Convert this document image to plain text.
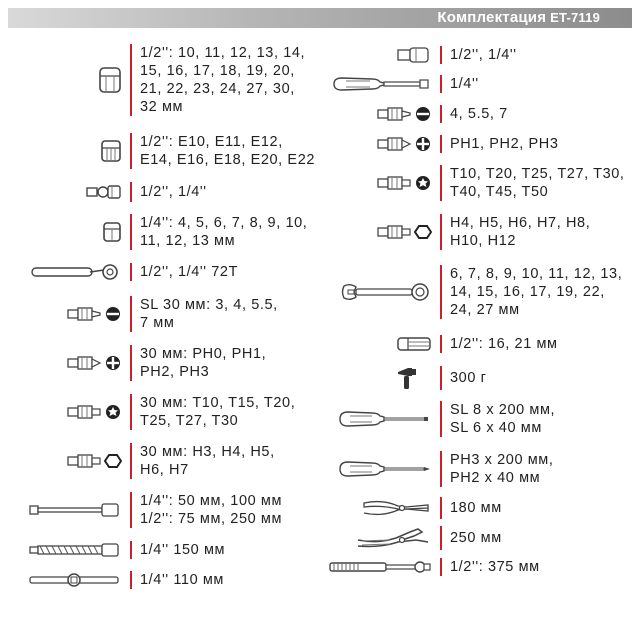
Комплектация ET-7119
1/2'': 10, 11, 12, 13, 14,
15, 16, 17, 18, 19, 20,
21, 22, 23, 24, 27, 30,
32 мм
1/2'': E10, E11, E12,
E14, E16, E18, E20, E22
1/2'', 1/4''
1/4'': 4, 5, 6, 7, 8, 9, 10,
11, 12, 13 мм
1/2'', 1/4'' 72T
SL 30 мм: 3, 4, 5.5,
7 мм
30 мм: PH0, PH1,
PH2, PH3
30 мм: T10, T15, T20,
T25, T27, T30
30 мм: H3, H4, H5,
H6, H7
1/4'': 50 мм, 100 мм
1/2'': 75 мм, 250 мм
1/4'' 150 мм
1/4'' 110 мм
1/2'', 1/4''
1/4''
4, 5.5, 7
PH1, PH2, PH3
T10, T20, T25, T27, T30,
T40, T45, T50
H4, H5, H6, H7, H8,
H10, H12
6, 7, 8, 9, 10, 11, 12, 13,
14, 15, 16, 17, 19, 22,
24, 27 мм
1/2'': 16, 21 мм
300 г
SL 8 x 200 мм,
SL 6 x 40 мм
PH3 x 200 мм,
PH2 x 40 мм
180 мм
250 мм
1/2'': 375 мм
